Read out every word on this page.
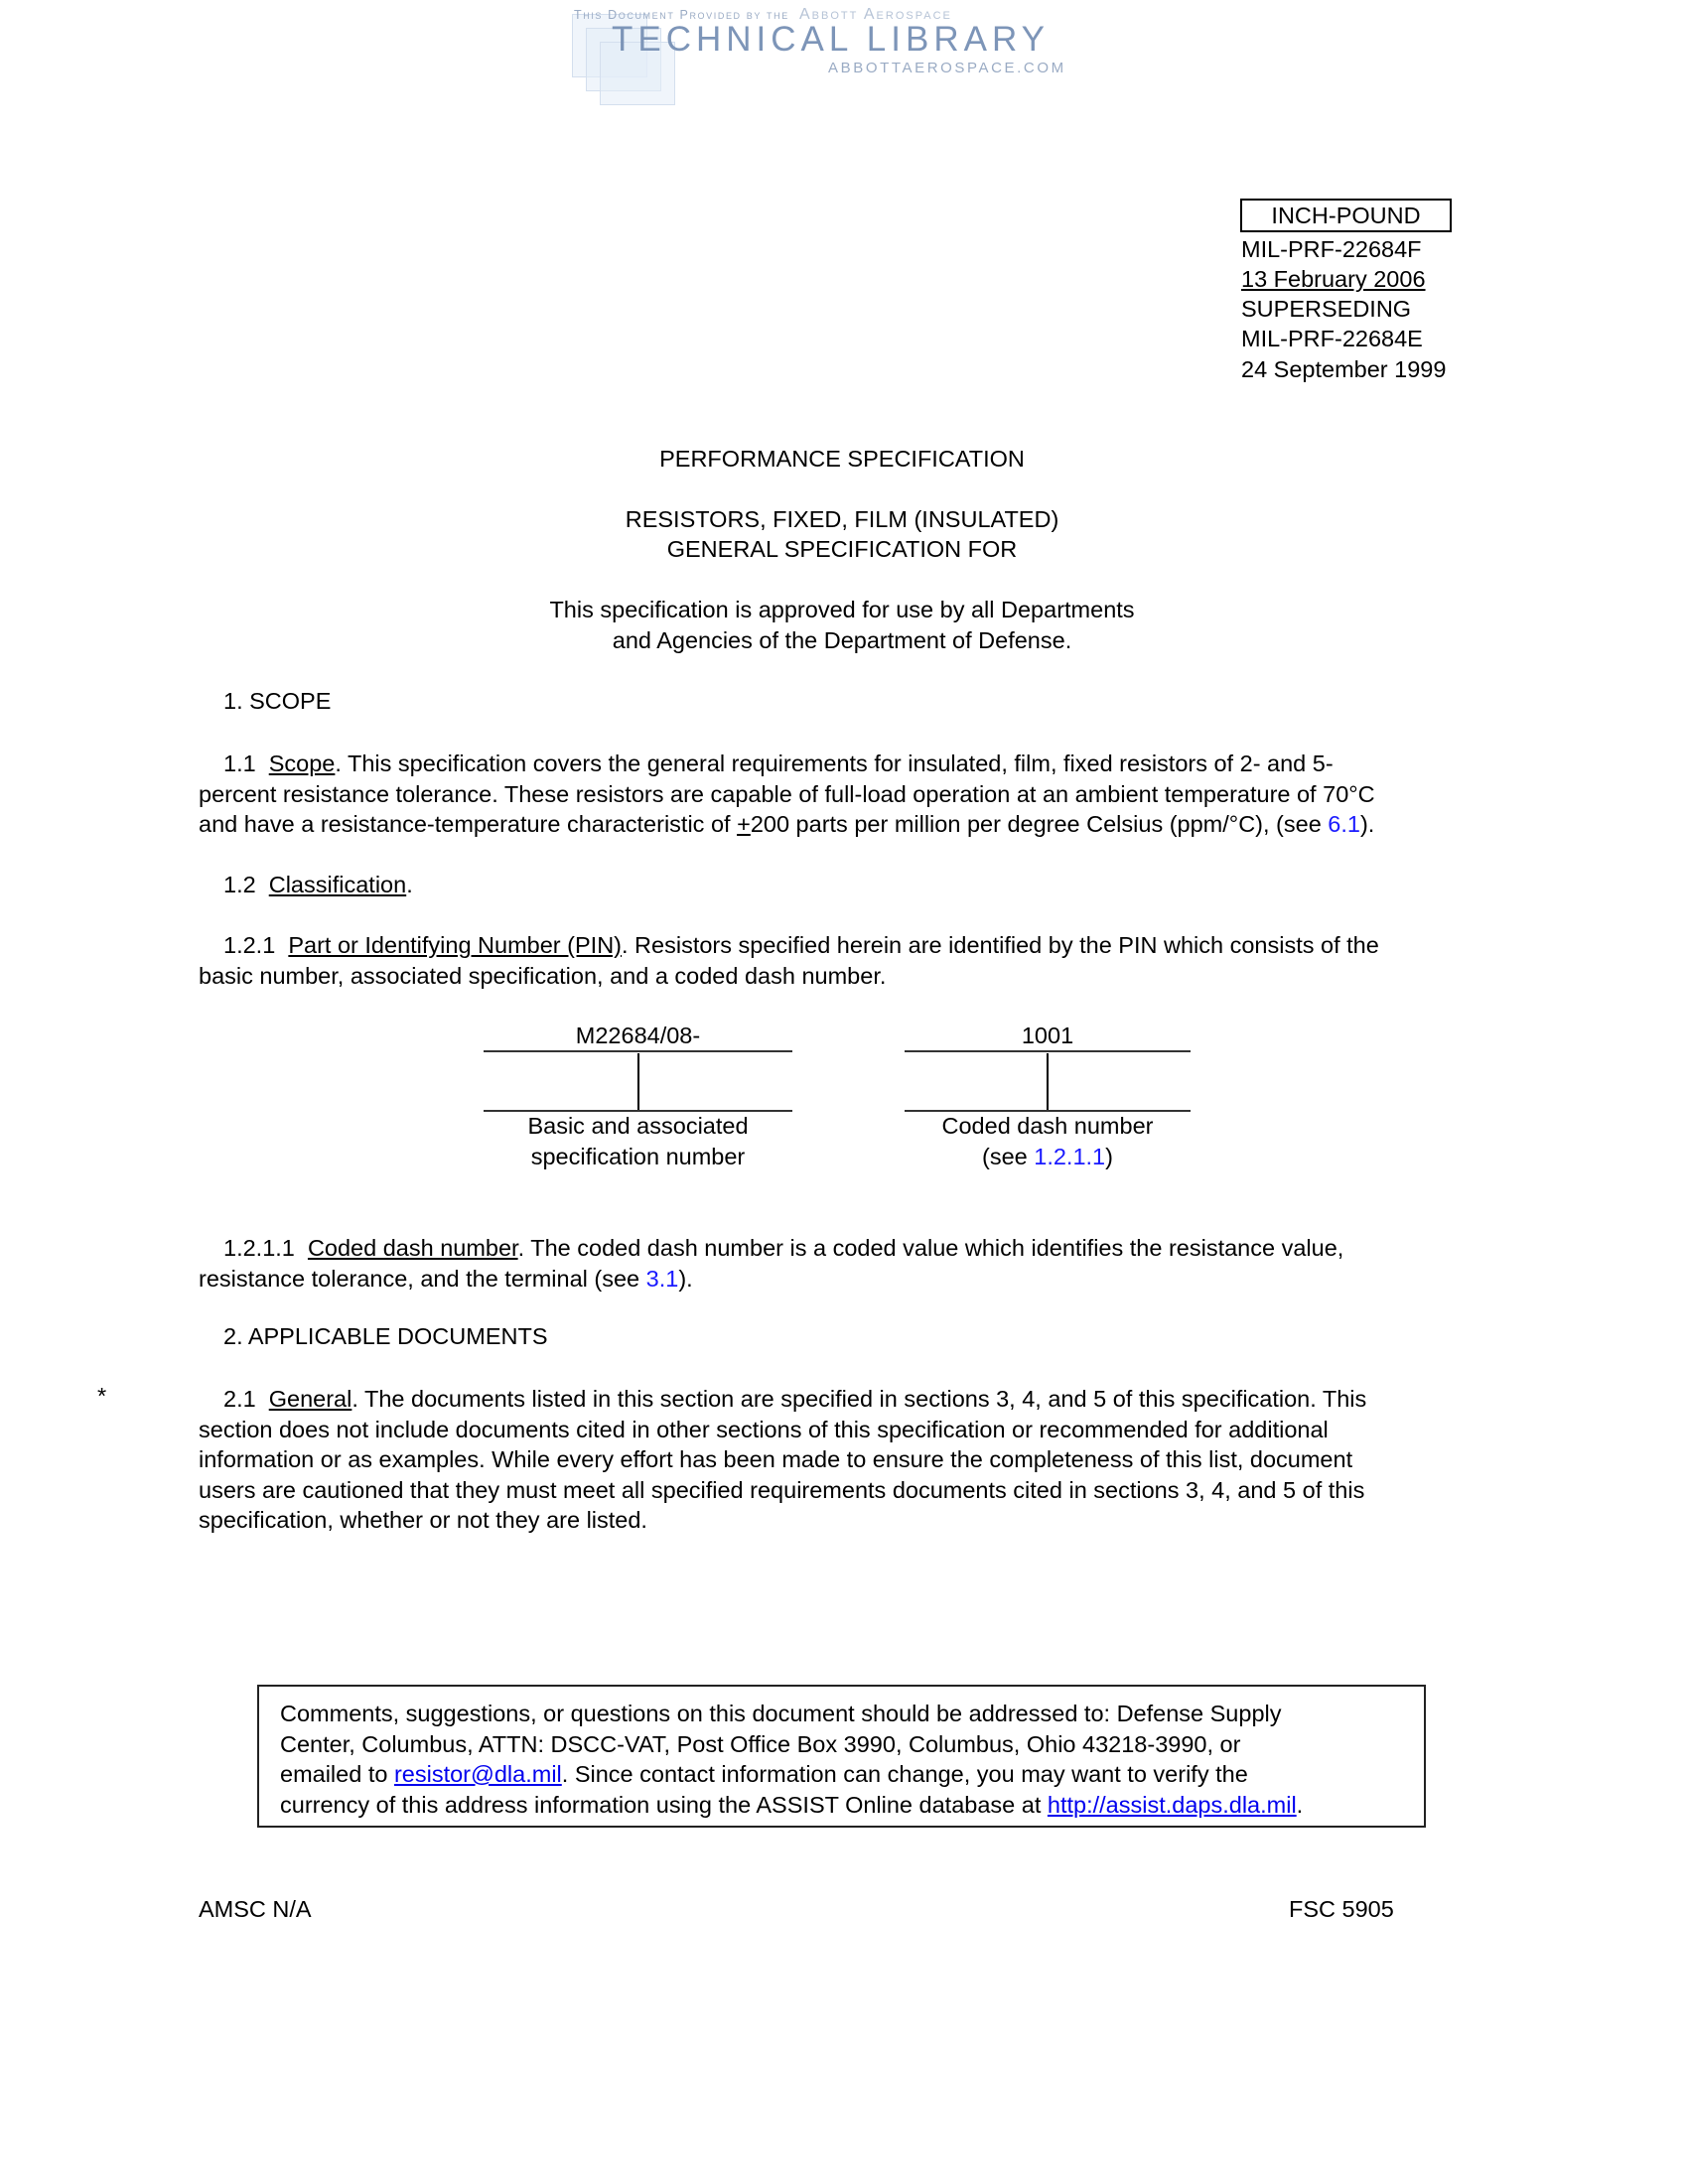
This Document Provided by the Abbott Aerospace
TECHNICAL LIBRARY
ABBOTTAEROSPACE.COM
INCH-POUND
MIL-PRF-22684F
13 February 2006
SUPERSEDING
MIL-PRF-22684E
24 September 1999
PERFORMANCE SPECIFICATION
RESISTORS, FIXED, FILM (INSULATED)
GENERAL SPECIFICATION FOR
This specification is approved for use by all Departments
and Agencies of the Department of Defense.
1. SCOPE
1.1 Scope. This specification covers the general requirements for insulated, film, fixed resistors of 2- and 5-
percent resistance tolerance. These resistors are capable of full-load operation at an ambient temperature of 70°C
and have a resistance-temperature characteristic of +200 parts per million per degree Celsius (ppm/°C), (see 6.1).
1.2 Classification.
1.2.1 Part or Identifying Number (PIN). Resistors specified herein are identified by the PIN which consists of the
basic number, associated specification, and a coded dash number.
M22684/08-
Basic and associated
specification number
1001
Coded dash number
(see 1.2.1.1)
1.2.1.1 Coded dash number. The coded dash number is a coded value which identifies the resistance value,
resistance tolerance, and the terminal (see 3.1).
2. APPLICABLE DOCUMENTS
*	2.1 General. The documents listed in this section are specified in sections 3, 4, and 5 of this specification. This
section does not include documents cited in other sections of this specification or recommended for additional
information or as examples. While every effort has been made to ensure the completeness of this list, document
users are cautioned that they must meet all specified requirements documents cited in sections 3, 4, and 5 of this
specification, whether or not they are listed.
Comments, suggestions, or questions on this document should be addressed to: Defense Supply
Center, Columbus, ATTN: DSCC-VAT, Post Office Box 3990, Columbus, Ohio 43218-3990, or
emailed to resistor@dla.mil. Since contact information can change, you may want to verify the
currency of this address information using the ASSIST Online database at http://assist.daps.dla.mil.
AMSC N/A	FSC 5905
